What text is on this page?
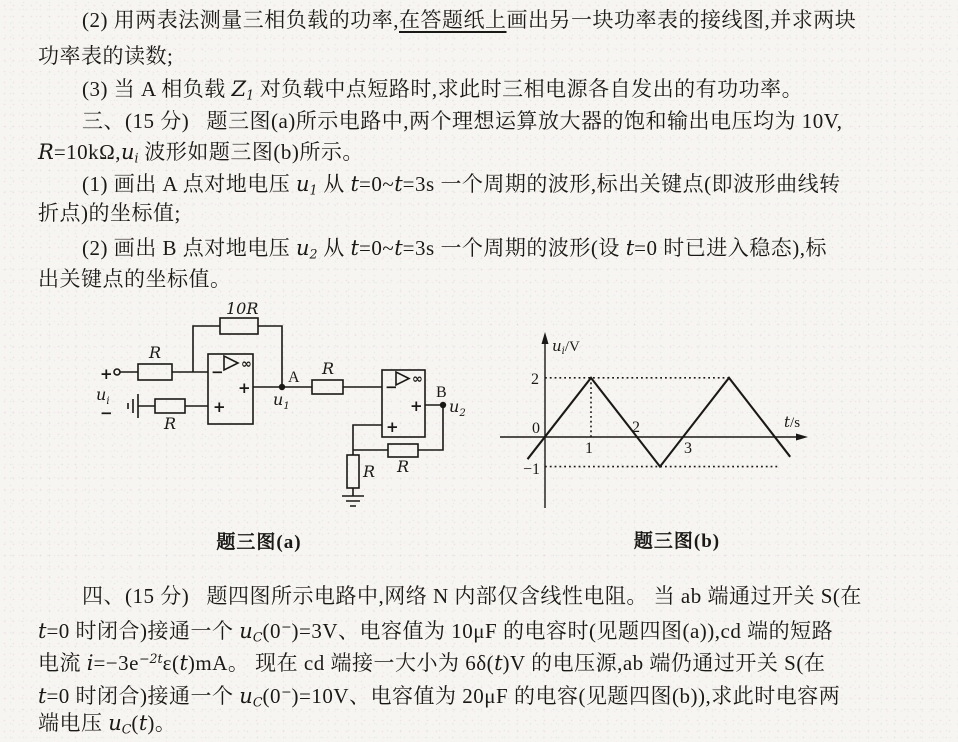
(2) 用两表法测量三相负载的功率,在答题纸上画出另一块功率表的接线图,并求两块
功率表的读数;
(3) 当 A 相负载 Z1 对负载中点短路时,求此时三相电源各自发出的有功功率。
三、(15 分)   题三图(a)所示电路中,两个理想运算放大器的饱和输出电压均为 10V,
R=10kΩ,ui 波形如题三图(b)所示。
(1) 画出 A 点对地电压 u1 从 t=0~t=3s 一个周期的波形,标出关键点(即波形曲线转
折点)的坐标值;
(2) 画出 B 点对地电压 u2 从 t=0~t=3s 一个周期的波形(设 t=0 时已进入稳态),标
出关键点的坐标值。
四、(15 分)   题四图所示电路中,网络 N 内部仅含线性电阻。 当 ab 端通过开关 S(在
t=0 时闭合)接通一个 uC(0−)=3V、电容值为 10μF 的电容时(见题四图(a)),cd 端的短路
电流 $i=-3e^{-2t}\varepsilon(t)mA$。 现在 cd 端接一大小为 6δ(t)V 的电压源,ab 端仍通过开关 S(在
t=0 时闭合)接通一个 uC(0−)=10V、电容值为 20μF 的电容(见题四图(b)),求此时电容两
端电压 uC(t)。
+
$u_i$
−
R
10R
R
∞
−
+
+
A
$u_1$
R
∞
−
+
+
B
$u_2$
R
R
ui/V
t/s
2
0
−1
1
2
3
题三图(a)	题三图(b)
